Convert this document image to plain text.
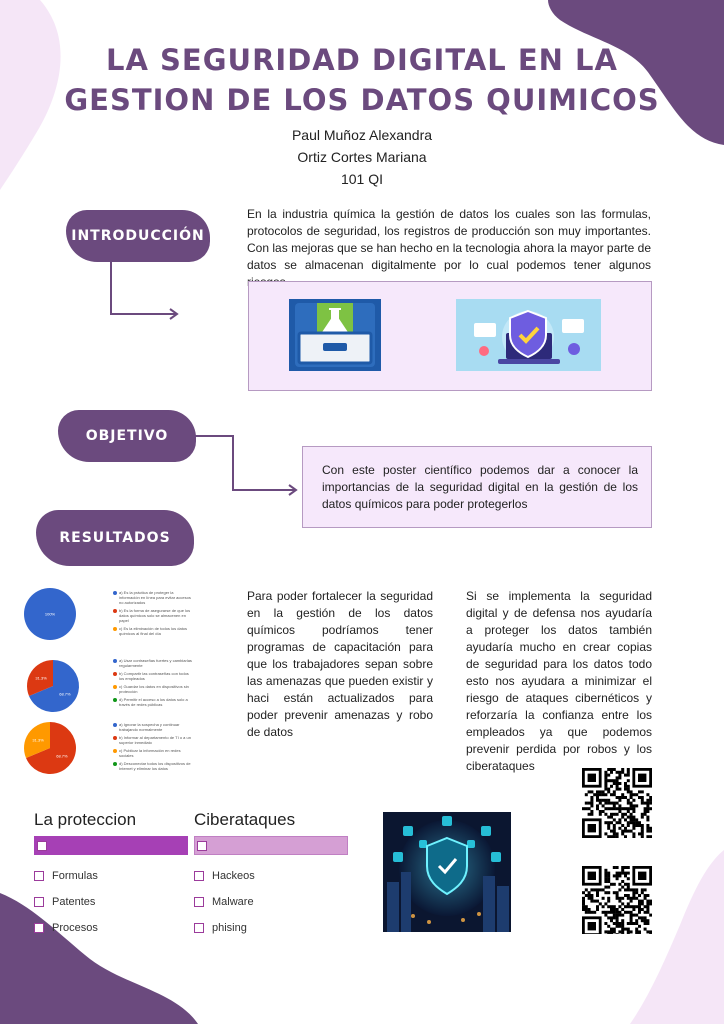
LA SEGURIDAD DIGITAL EN LA GESTION DE LOS DATOS QUIMICOS
Paul Muñoz Alexandra
Ortiz Cortes Mariana
101 QI
INTRODUCCIÓN
En la industria química la gestión de datos los cuales son las formulas, protocolos de seguridad, los registros de producción son muy importantes. Con las mejoras que se han hecho en la tecnologia ahora la mayor parte de datos se almacenan digitalmente por lo cual podemos tener algunos
OBJETIVO
Con este poster científico podemos dar a conocer la importancias de la seguridad digital en la gestión de los datos químicos para poder protegerlos
RESULTADOS
100%
68.7%
31.3%
68.7%
31.3%
a) Es la práctica de proteger la información en línea para evitar accesos no autorizados
b) Es la forma de asegurarse de que los datos químicos solo se almacenen en papel
c) Es la eliminación de todos los datos químicos al final del día
a) Usar contraseñas fuertes y cambiarlas regularmente
b) Compartir las contraseñas con todos los empleados
c) Guardar los datos en dispositivos sin protección
d) Permitir el acceso a los datos solo a través de redes públicas
a) Ignorar la sospecha y continuar trabajando normalmente
b) Informar al departamento de TI o a un superior inmediato
c) Publicar la información en redes sociales
d) Desconectar todos los dispositivos de Internet y eliminar los datos
Para poder fortalecer la seguridad en la gestión de los datos químicos podríamos tener programas de capacitación para que los trabajadores sepan sobre las amenazas que pueden existir y haci están actualizados para poder prevenir amenazas y robo de datos
Si se implementa la seguridad digital y de defensa nos ayudaría a proteger los datos también ayudaría mucho en crear copias de seguridad para los datos todo esto nos ayudara a minimizar el riesgo de ataques cibernéticos y reforzaría la confianza entre los empleados ya que podemos prevenir perdida por robos y los ciberataques
La proteccion
Formulas
Patentes
Procesos
Ciberataques
Hackeos
Malware
phising
